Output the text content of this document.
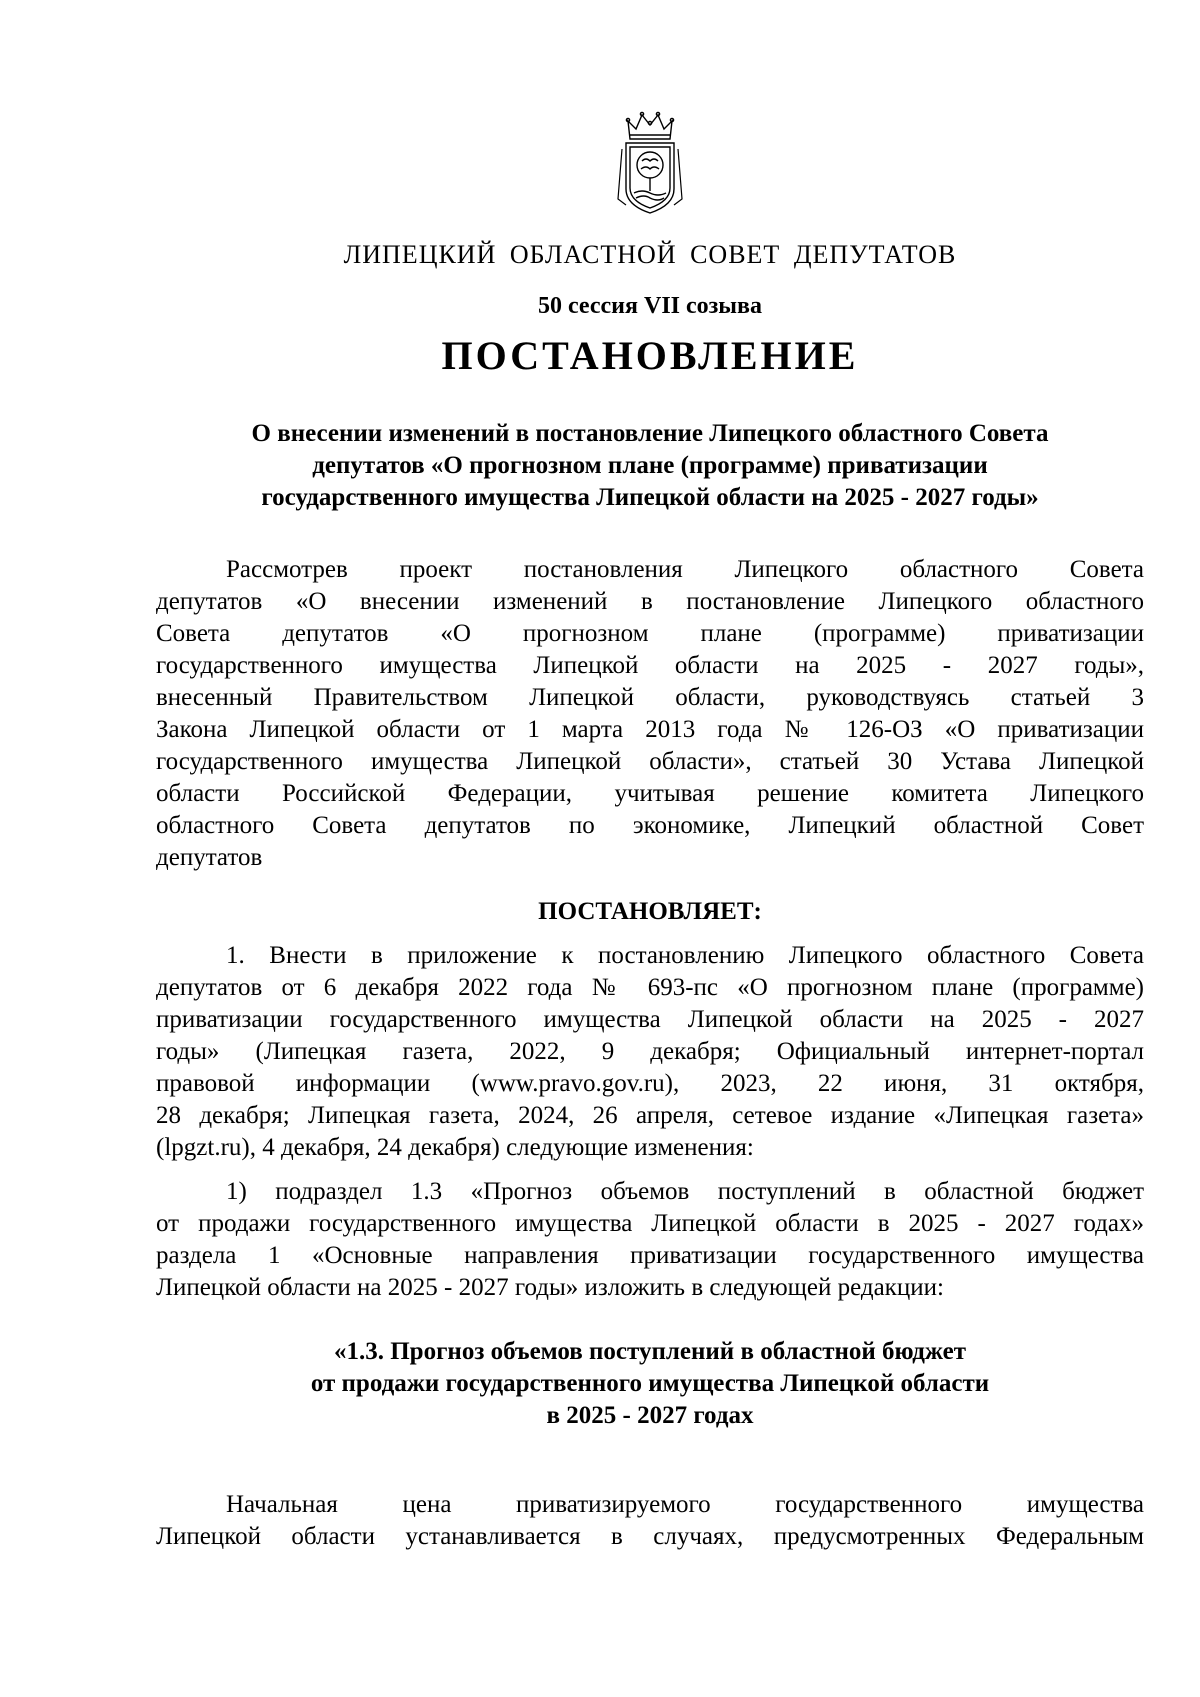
ЛИПЕЦКИЙ ОБЛАСТНОЙ СОВЕТ ДЕПУТАТОВ
50 сессия VII созыва
ПОСТАНОВЛЕНИЕ
О внесении изменений в постановление Липецкого областного Совета
депутатов «О прогнозном плане (программе) приватизации
государственного имущества Липецкой области на 2025 - 2027 годы»
Рассмотрев проект постановления Липецкого областного Совета
депутатов «О внесении изменений в постановление Липецкого областного
Совета депутатов «О прогнозном плане (программе) приватизации
государственного имущества Липецкой области на 2025 - 2027 годы»,
внесенный Правительством Липецкой области, руководствуясь статьей 3
Закона Липецкой области от 1 марта 2013 года № 126-ОЗ «О приватизации
государственного имущества Липецкой области», статьей 30 Устава Липецкой
области Российской Федерации, учитывая решение комитета Липецкого
областного Совета депутатов по экономике, Липецкий областной Совет
депутатов
ПОСТАНОВЛЯЕТ:
1. Внести в приложение к постановлению Липецкого областного Совета
депутатов от 6 декабря 2022 года № 693-пс «О прогнозном плане (программе)
приватизации государственного имущества Липецкой области на 2025 - 2027
годы» (Липецкая газета, 2022, 9 декабря; Официальный интернет-портал
правовой информации (www.pravo.gov.ru), 2023, 22 июня, 31 октября,
28 декабря; Липецкая газета, 2024, 26 апреля, сетевое издание «Липецкая газета»
(lpgzt.ru), 4 декабря, 24 декабря) следующие изменения:
1) подраздел 1.3 «Прогноз объемов поступлений в областной бюджет
от продажи государственного имущества Липецкой области в 2025 - 2027 годах»
раздела 1 «Основные направления приватизации государственного имущества
Липецкой области на 2025 - 2027 годы» изложить в следующей редакции:
«1.3. Прогноз объемов поступлений в областной бюджет
от продажи государственного имущества Липецкой области
в 2025 - 2027 годах
Начальная цена приватизируемого государственного имущества
Липецкой области устанавливается в случаях, предусмотренных Федеральным
